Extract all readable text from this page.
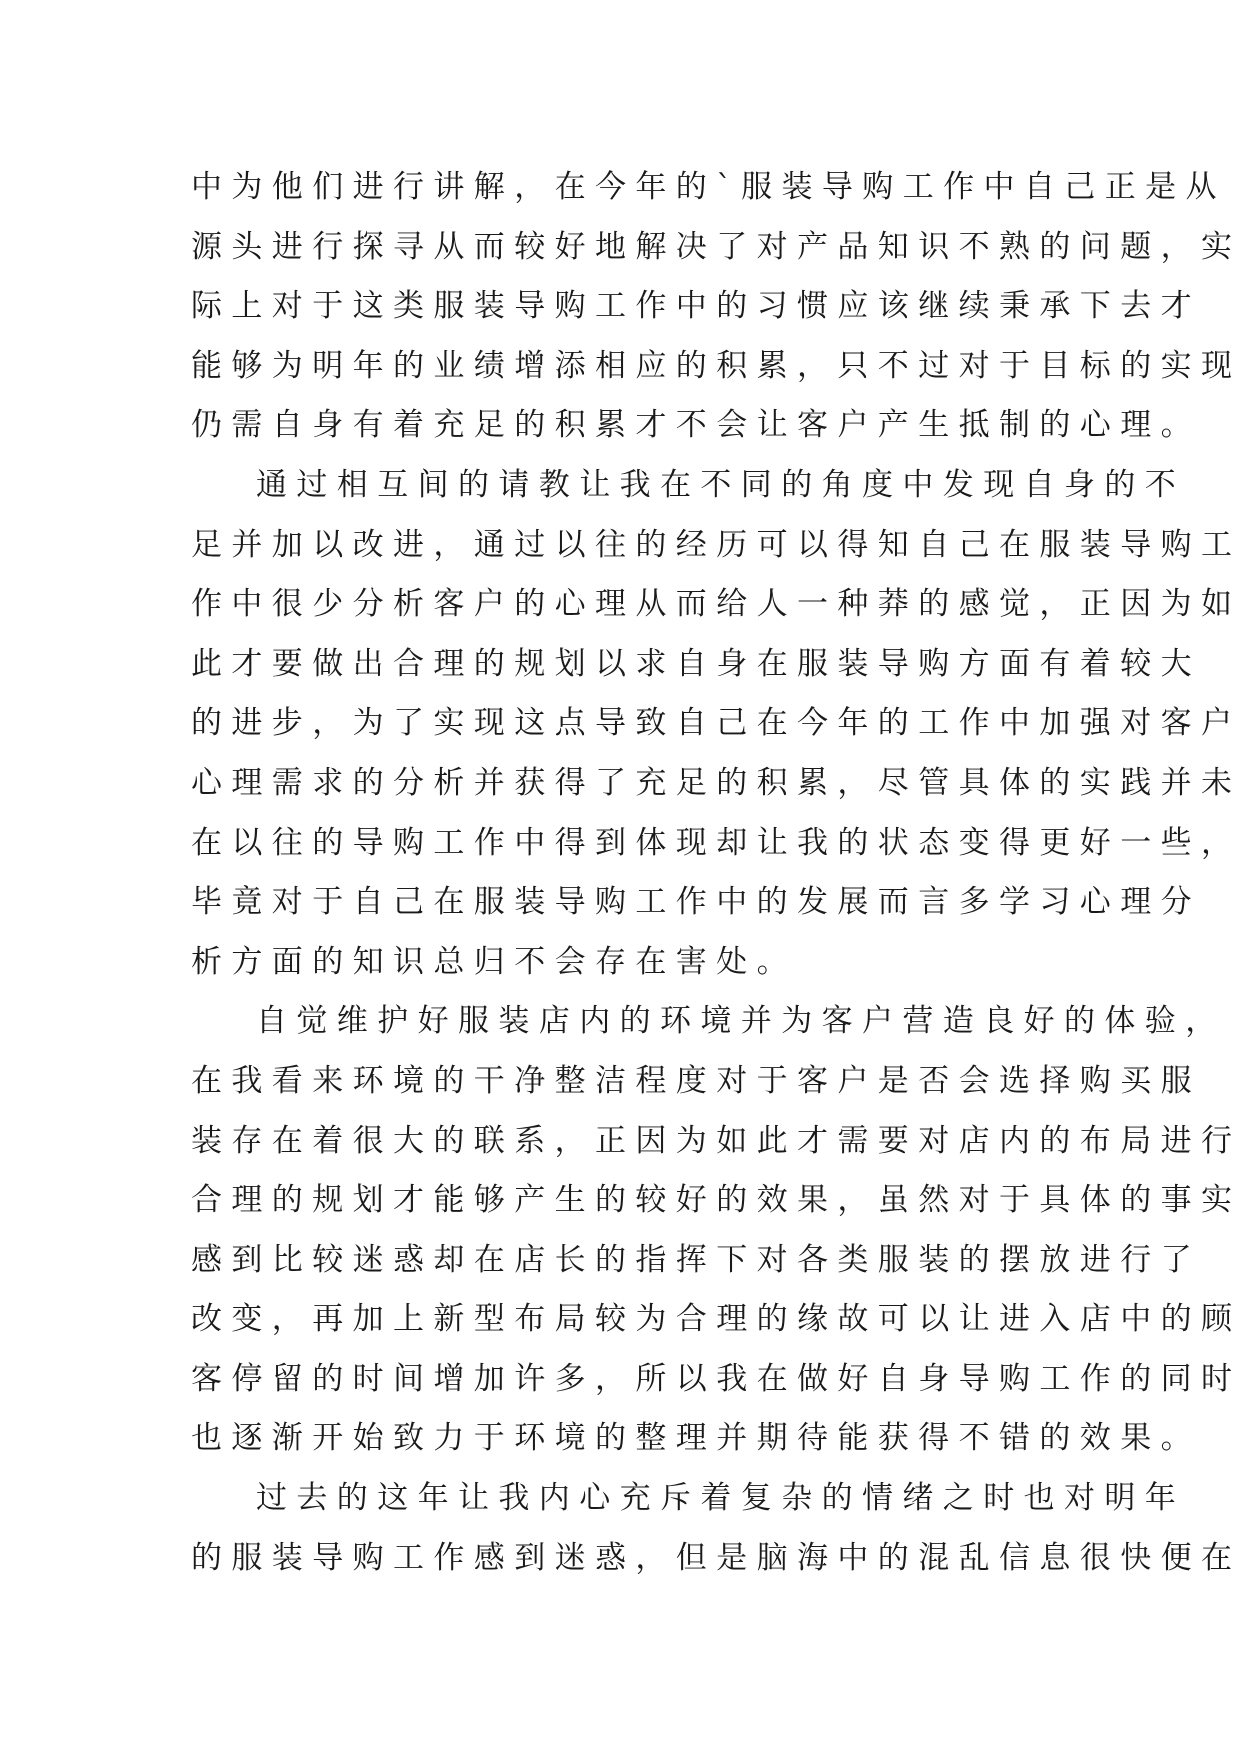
中为他们进行讲解，在今年的`服装导购工作中自己正是从
源头进行探寻从而较好地解决了对产品知识不熟的问题，实
际上对于这类服装导购工作中的习惯应该继续秉承下去才
能够为明年的业绩增添相应的积累，只不过对于目标的实现
仍需自身有着充足的积累才不会让客户产生抵制的心理。
通过相互间的请教让我在不同的角度中发现自身的不
足并加以改进，通过以往的经历可以得知自己在服装导购工
作中很少分析客户的心理从而给人一种莽的感觉，正因为如
此才要做出合理的规划以求自身在服装导购方面有着较大
的进步，为了实现这点导致自己在今年的工作中加强对客户
心理需求的分析并获得了充足的积累，尽管具体的实践并未
在以往的导购工作中得到体现却让我的状态变得更好一些，
毕竟对于自己在服装导购工作中的发展而言多学习心理分
析方面的知识总归不会存在害处。
自觉维护好服装店内的环境并为客户营造良好的体验，
在我看来环境的干净整洁程度对于客户是否会选择购买服
装存在着很大的联系，正因为如此才需要对店内的布局进行
合理的规划才能够产生的较好的效果，虽然对于具体的事实
感到比较迷惑却在店长的指挥下对各类服装的摆放进行了
改变，再加上新型布局较为合理的缘故可以让进入店中的顾
客停留的时间增加许多，所以我在做好自身导购工作的同时
也逐渐开始致力于环境的整理并期待能获得不错的效果。
过去的这年让我内心充斥着复杂的情绪之时也对明年
的服装导购工作感到迷惑，但是脑海中的混乱信息很快便在
